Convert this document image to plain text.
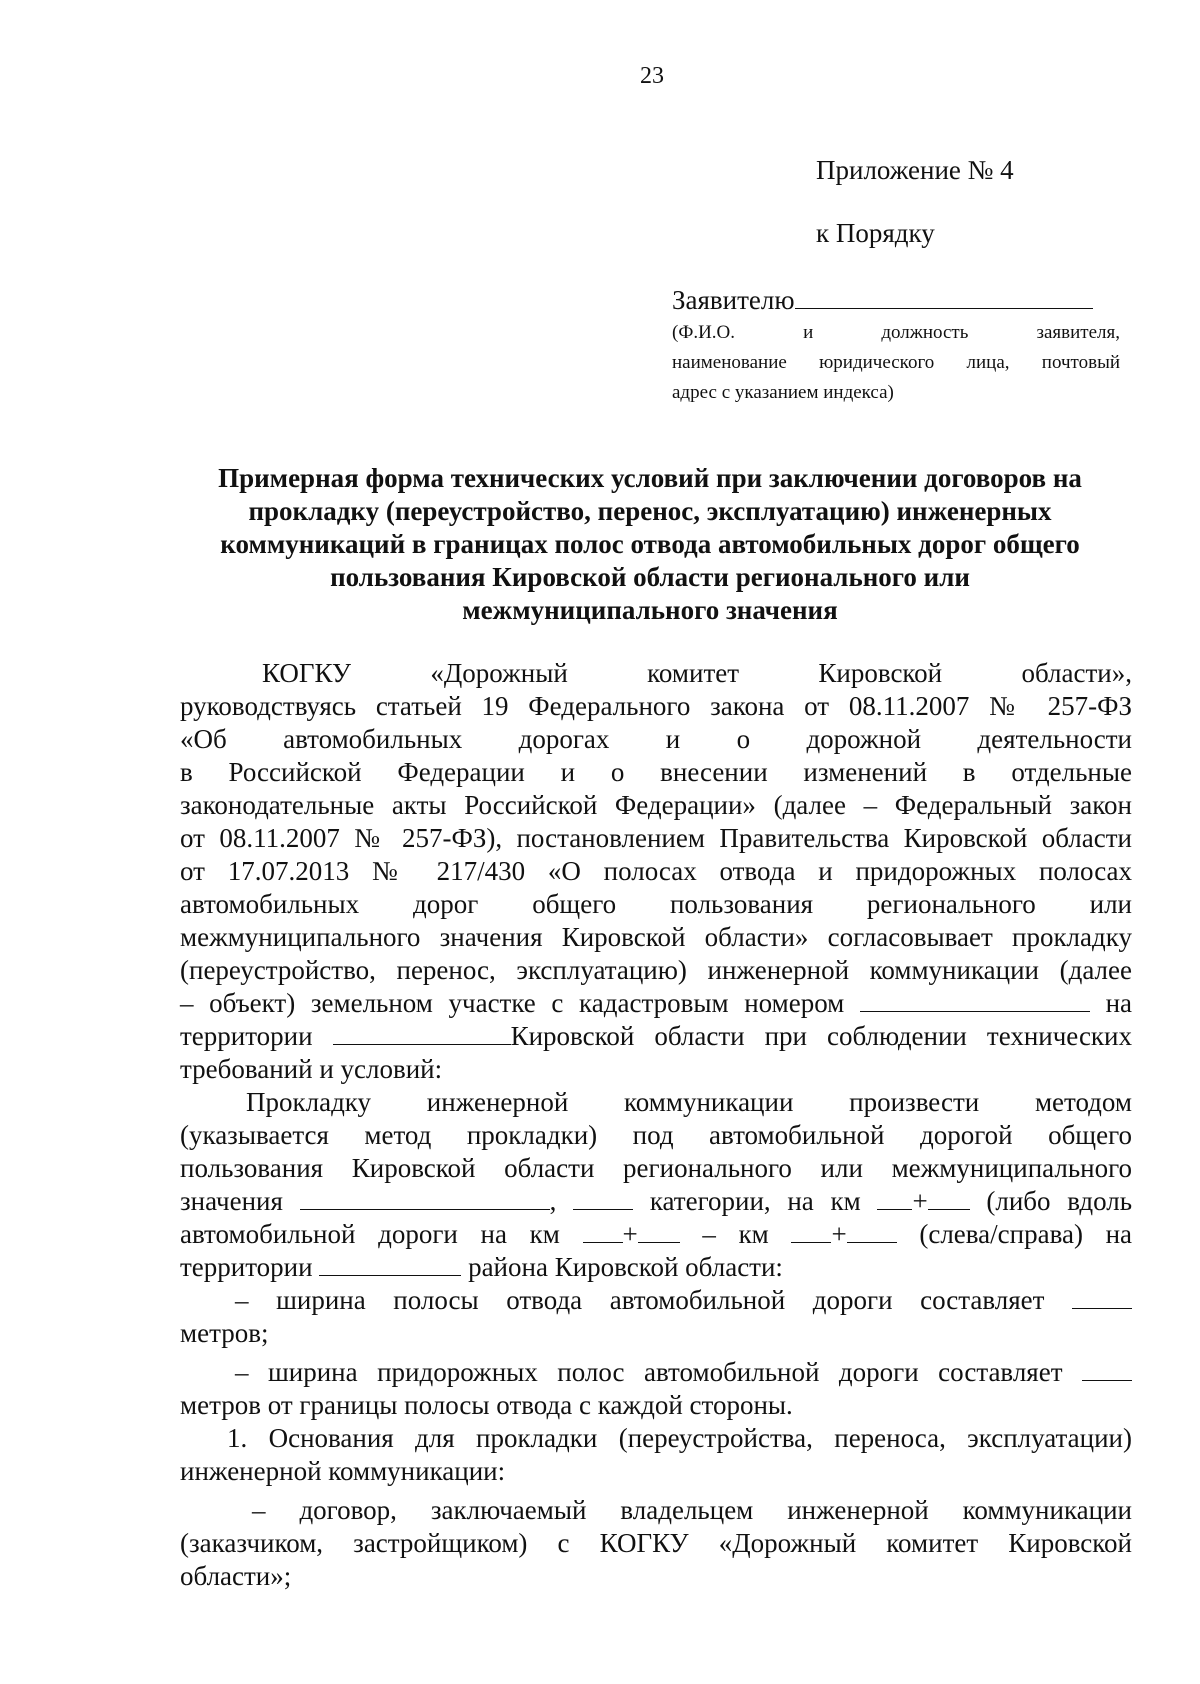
23
Приложение № 4
к Порядку
Заявителю
(Ф.И.О.	и	должность	заявителя,
наименование юридического лица, почтовый
адрес с указанием индекса)
Примерная форма технических условий при заключении договоров на
прокладку (переустройство, перенос, эксплуатацию) инженерных
коммуникаций в границах полос отвода автомобильных дорог общего
пользования Кировской области регионального или
межмуниципального значения
КОГКУ «Дорожный комитет Кировской области»,
руководствуясь статьей 19 Федерального закона от 08.11.2007 № 257-ФЗ
«Об автомобильных дорогах и о дорожной деятельности
в Российской Федерации и о внесении изменений в отдельные
законодательные акты Российской Федерации» (далее – Федеральный закон
от 08.11.2007 № 257-ФЗ), постановлением Правительства Кировской области
от 17.07.2013 № 217/430 «О полосах отвода и придорожных полосах
автомобильных дорог общего пользования регионального или
межмуниципального значения Кировской области» согласовывает прокладку
(переустройство, перенос, эксплуатацию) инженерной коммуникации (далее
– объект) земельном участке с кадастровым номером	на
территории	Кировской области при соблюдении технических
требований и условий:
Прокладку инженерной коммуникации произвести методом
(указывается метод прокладки) под автомобильной дорогой общего
пользования Кировской области регионального или межмуниципального
значения	,	категории, на км + (либо вдоль
автомобильной дороги на км + – км +	(слева/справа) на
территории	района Кировской области:
– ширина полосы отвода автомобильной дороги составляет
метров;
– ширина придорожных полос автомобильной дороги составляет
метров от границы полосы отвода с каждой стороны.
1. Основания для прокладки (переустройства, переноса, эксплуатации)
инженерной коммуникации:
– договор, заключаемый владельцем инженерной коммуникации
(заказчиком, застройщиком) с КОГКУ «Дорожный комитет Кировской
области»;
